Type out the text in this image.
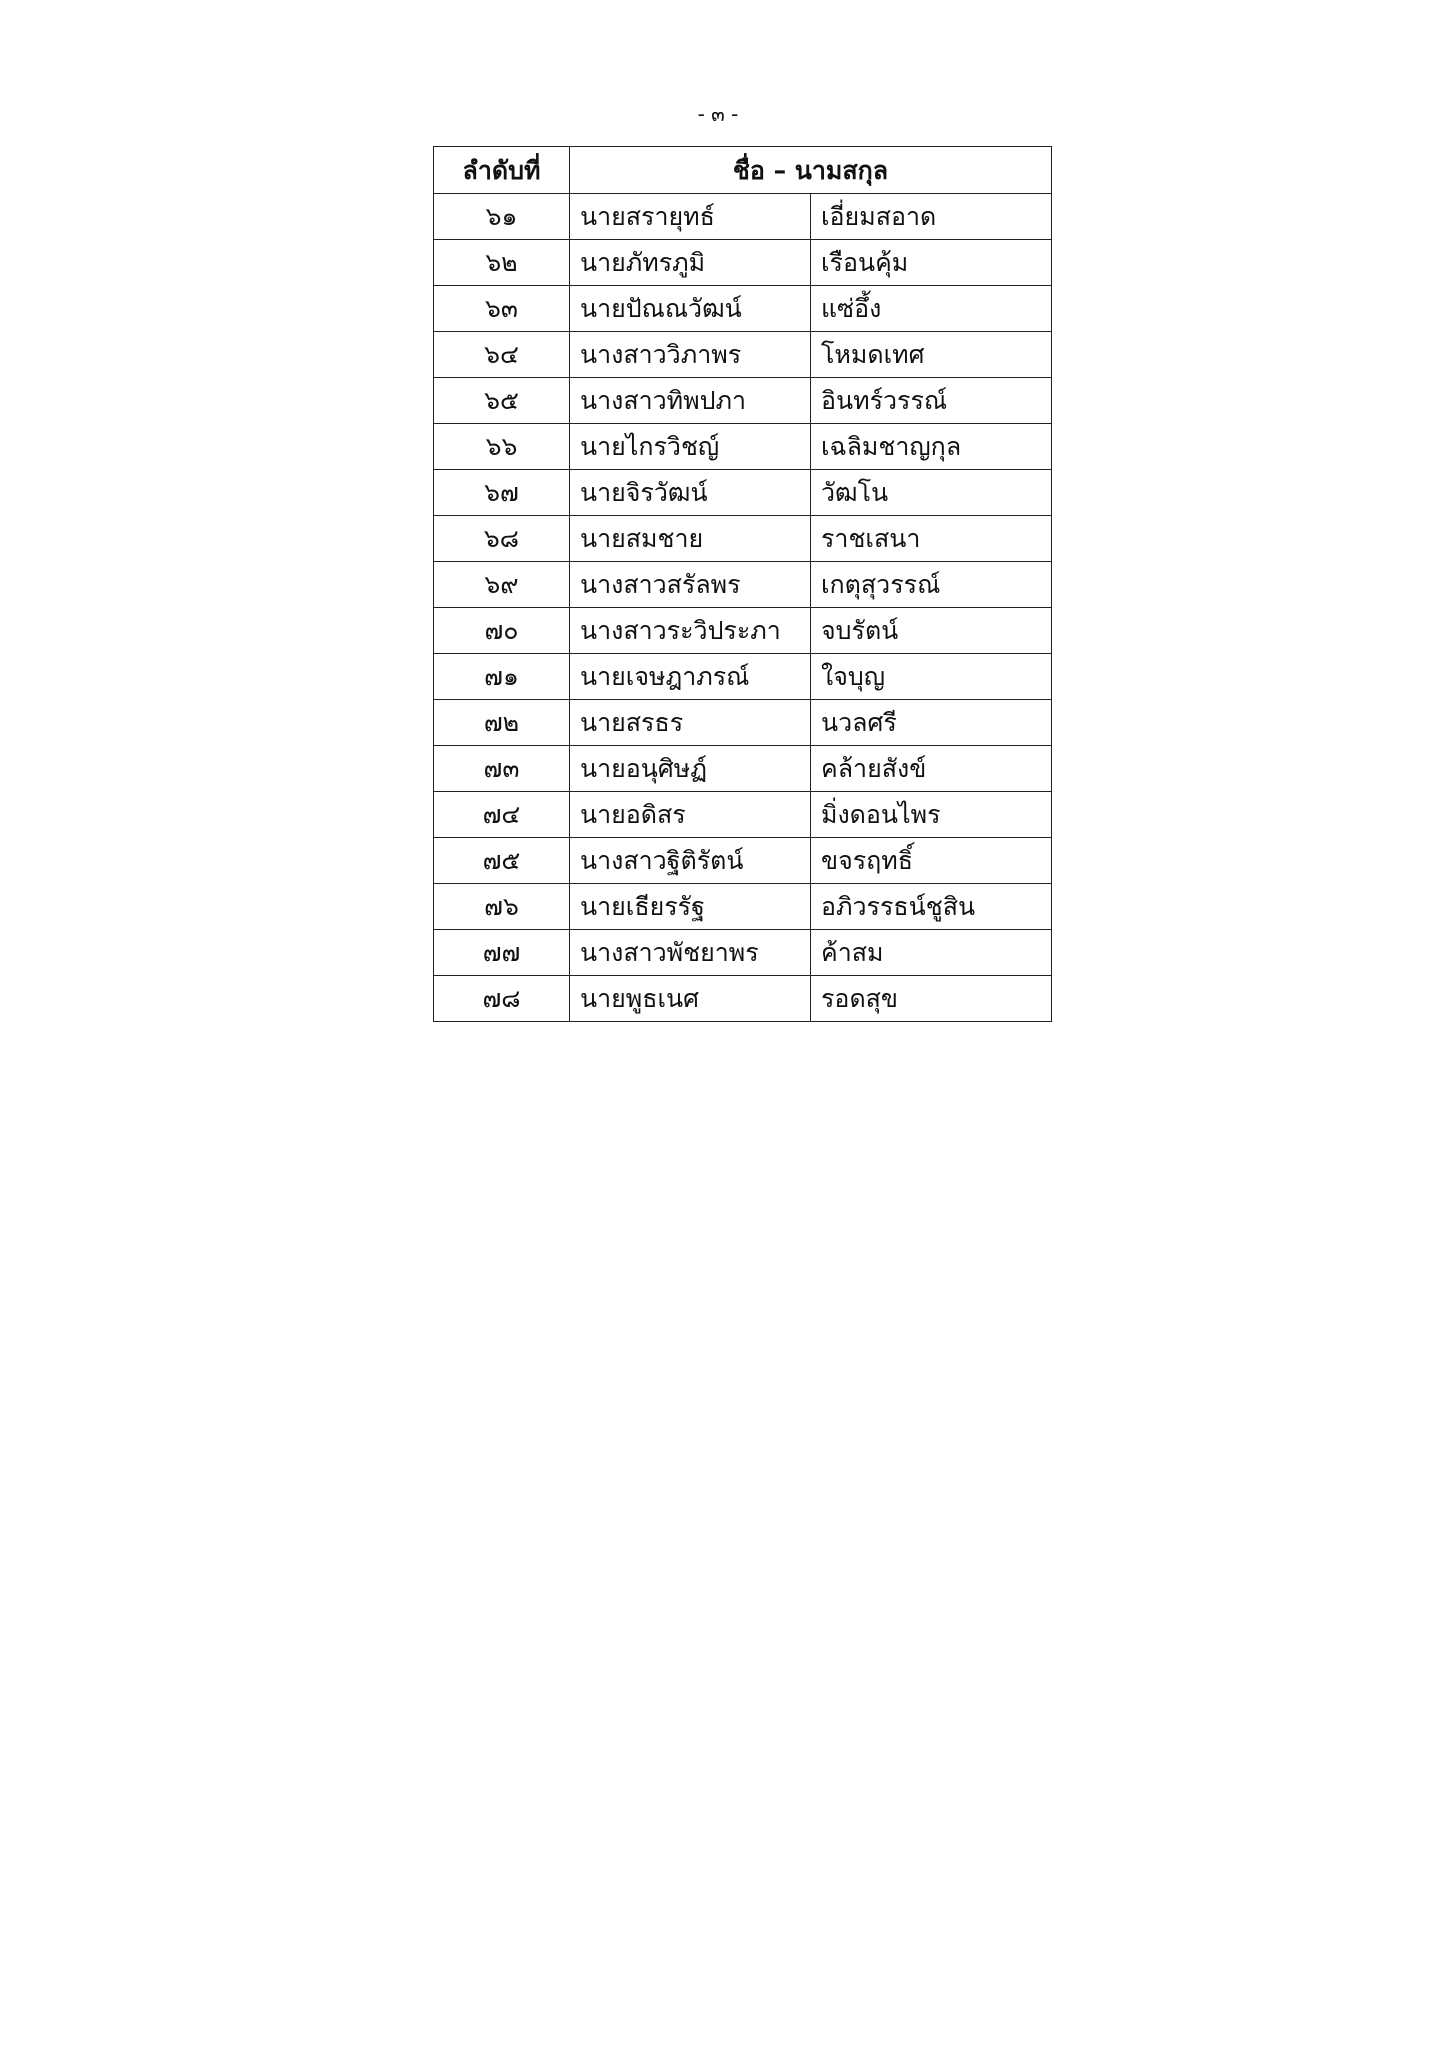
- ๓ -
ลำดับที่	ชื่อ – นามสกุล	
๖๑	นายสรายุทธ์	เอี่ยมสอาด
๖๒	นายภัทรภูมิ	เรือนคุ้ม
๖๓	นายปัณณวัฒน์	แซ่อึ้ง
๖๔	นางสาววิภาพร	โหมดเทศ
๖๕	นางสาวทิพปภา	อินทร์วรรณ์
๖๖	นายไกรวิชญ์	เฉลิมชาญกุล
๖๗	นายจิรวัฒน์	วัฒโน
๖๘	นายสมชาย	ราชเสนา
๖๙	นางสาวสรัลพร	เกตุสุวรรณ์
๗๐	นางสาวระวิประภา	จบรัตน์
๗๑	นายเจษฎาภรณ์	ใจบุญ
๗๒	นายสรธร	นวลศรี
๗๓	นายอนุศิษฏ์	คล้ายสังข์
๗๔	นายอดิสร	มิ่งดอนไพร
๗๕	นางสาวฐิติรัตน์	ขจรฤทธิ์
๗๖	นายเธียรรัฐ	อภิวรรธน์ชูสิน
๗๗	นางสาวพัชยาพร	ค้าสม
๗๘	นายพูธเนศ	รอดสุข
